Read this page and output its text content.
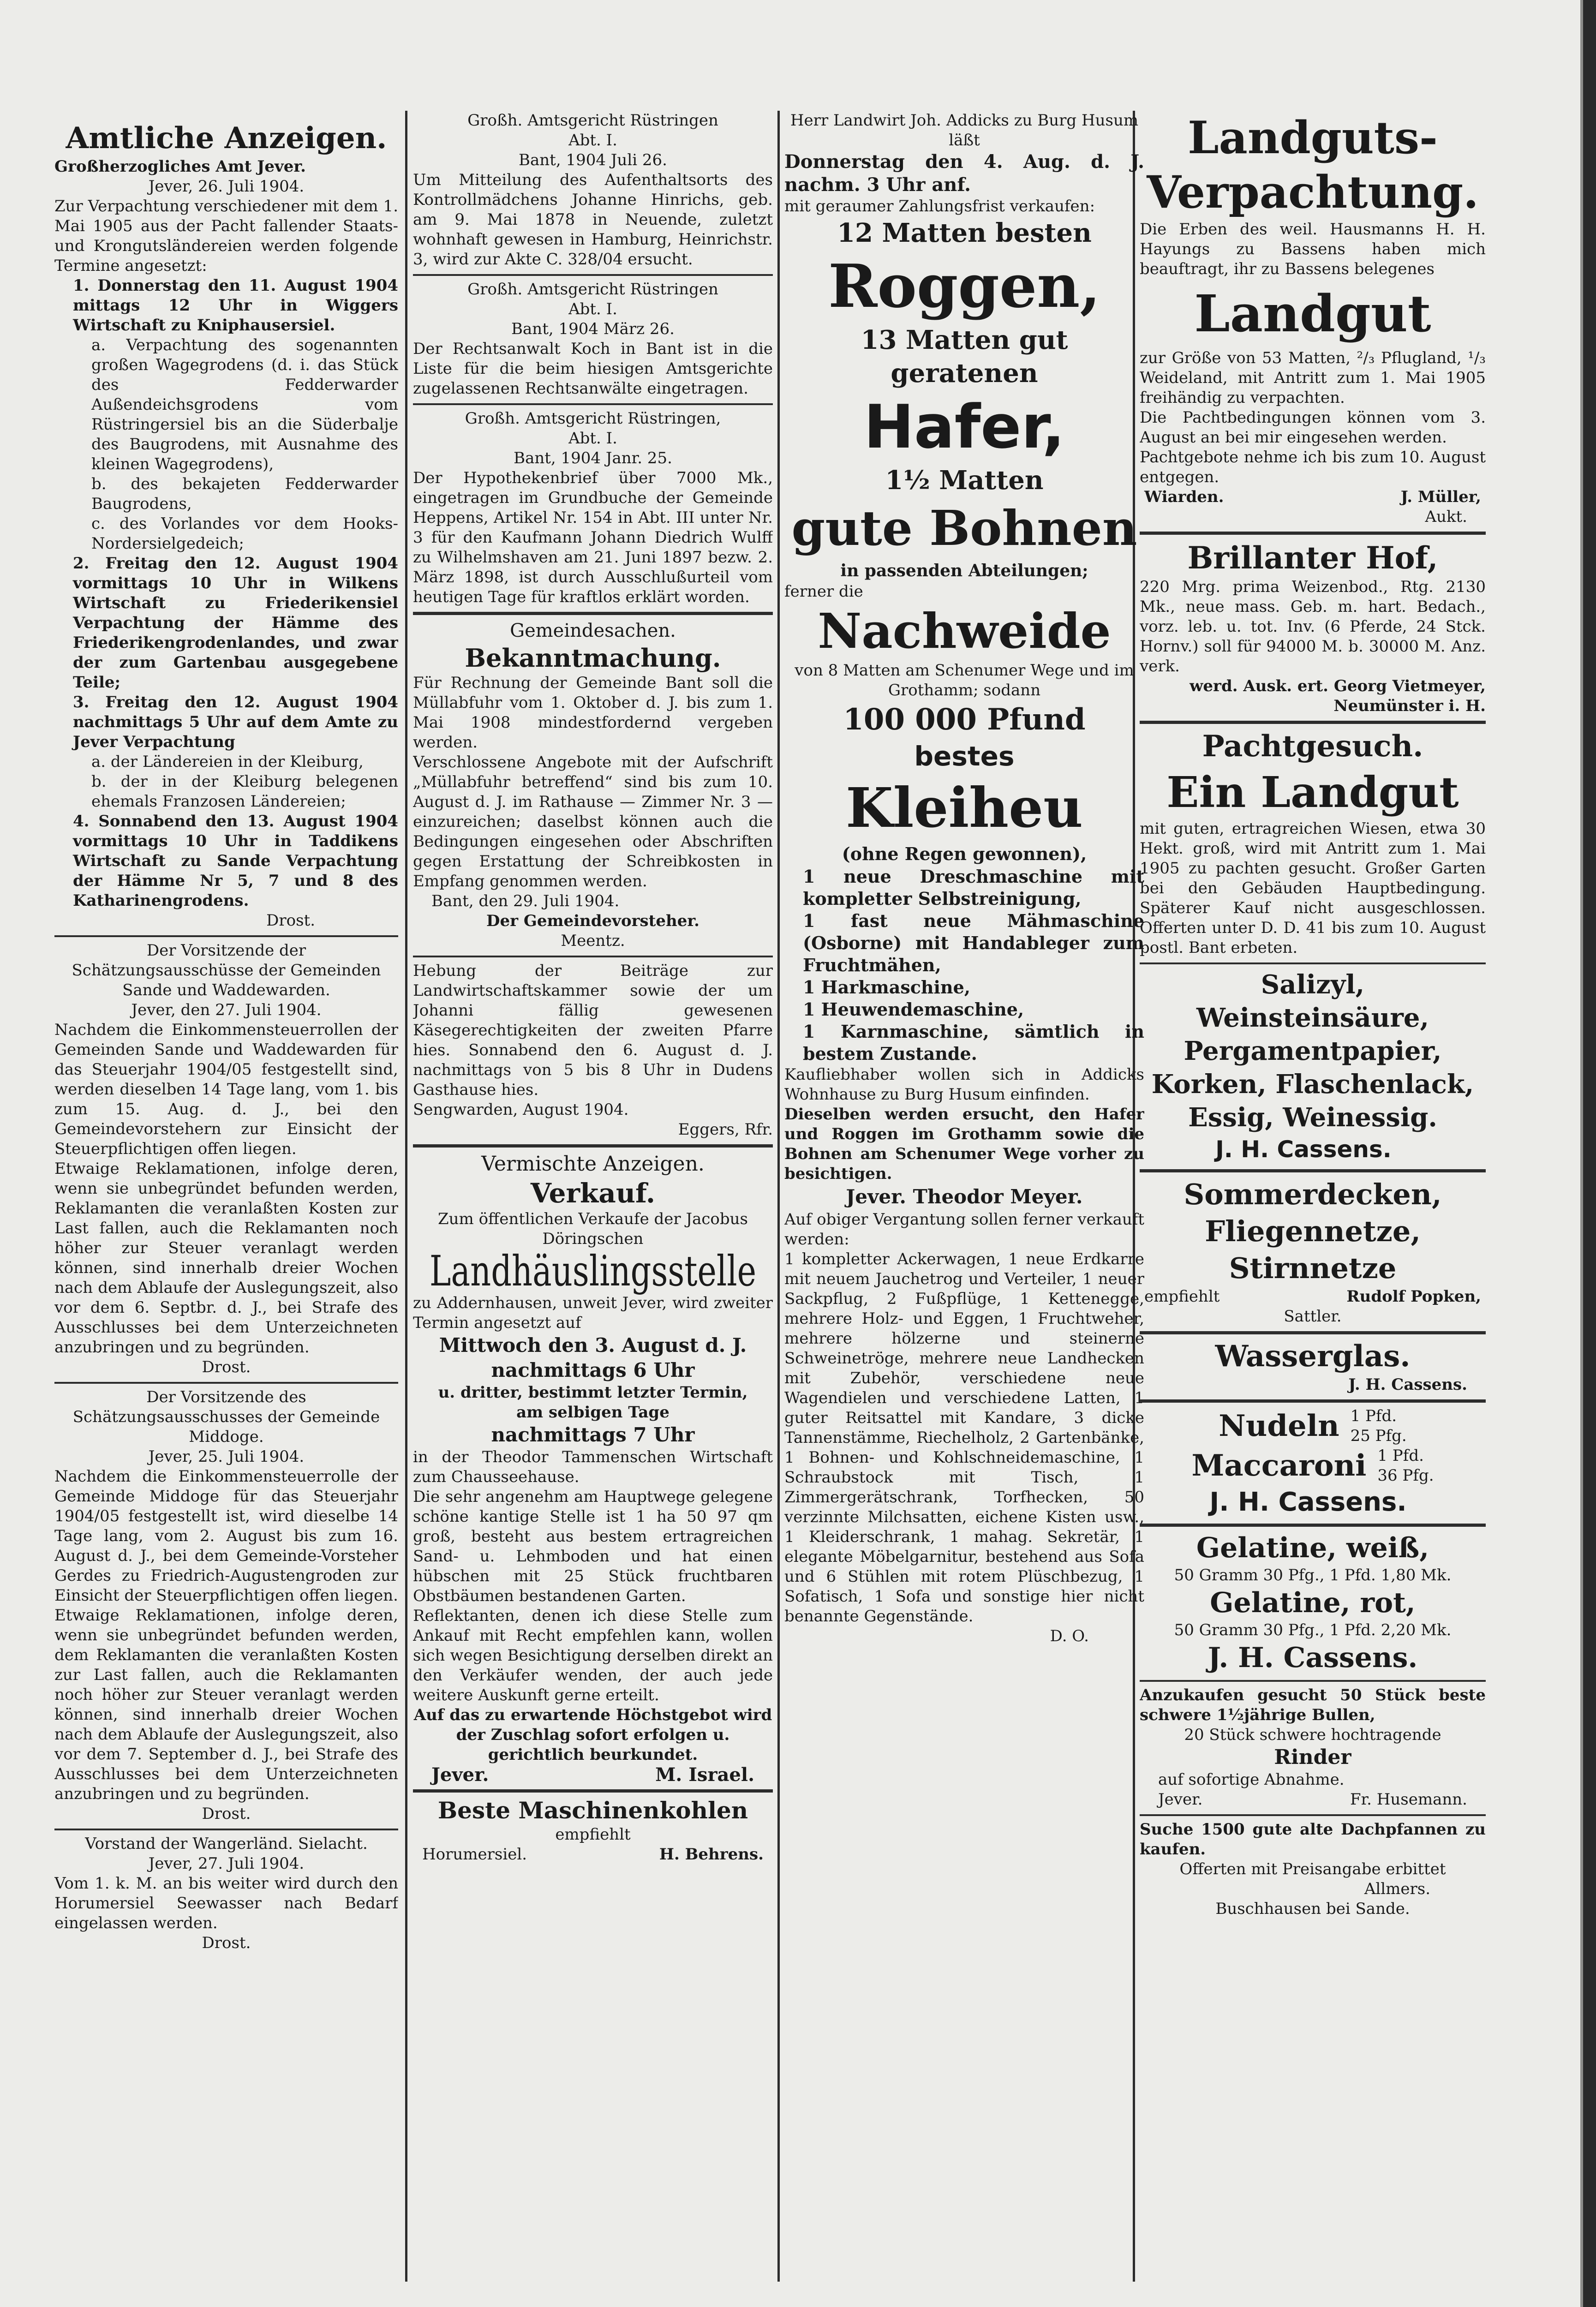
Amtliche Anzeigen.

Großherzogliches Amt Jever.

Jever, 26. Juli 1904.

Zur Verpachtung verschiedener mit dem 1. Mai 1905 aus der Pacht fallender Staats- und Krongutsländereien werden folgende Termine angesetzt:

1. Donnerstag den 11. August 1904 mittags 12 Uhr in Wiggers Wirtschaft zu Kniphausersiel.

a. Verpachtung des sogenannten großen Wagegrodens (d. i. das Stück des Fedderwarder Außendeichsgrodens vom Rüstringersiel bis an die Süderbalje des Baugrodens, mit Ausnahme des kleinen Wagegrodens),

b. des bekajeten Fedderwarder Baugrodens,

c. des Vorlandes vor dem Hooks-Nordersielgedeich;

2. Freitag den 12. August 1904 vormittags 10 Uhr in Wilkens Wirtschaft zu Friederikensiel Verpachtung der Hämme des Friederikengrodenlandes, und zwar der zum Gartenbau ausgegebene Teile;

3. Freitag den 12. August 1904 nachmittags 5 Uhr auf dem Amte zu Jever Verpachtung

a. der Ländereien in der Kleiburg,

b. der in der Kleiburg belegenen ehemals Franzosen Ländereien;

4. Sonnabend den 13. August 1904 vormittags 10 Uhr in Taddikens Wirtschaft zu Sande Verpachtung der Hämme Nr 5, 7 und 8 des Katharinengrodens.

Drost.

Der Vorsitzende der Schätzungsausschüsse der Gemeinden Sande und Waddewarden.

Jever, den 27. Juli 1904.

Nachdem die Einkommensteuerrollen der Gemeinden Sande und Waddewarden für das Steuerjahr 1904/05 festgestellt sind, werden dieselben 14 Tage lang, vom 1. bis zum 15. Aug. d. J., bei den Gemeindevorstehern zur Einsicht der Steuerpflichtigen offen liegen.

Etwaige Reklamationen, infolge deren, wenn sie unbegründet befunden werden, Reklamanten die veranlaßten Kosten zur Last fallen, auch die Reklamanten noch höher zur Steuer veranlagt werden können, sind innerhalb dreier Wochen nach dem Ablaufe der Auslegungszeit, also vor dem 6. Septbr. d. J., bei Strafe des Ausschlusses bei dem Unterzeichneten anzubringen und zu begründen.

Drost.

Der Vorsitzende des Schätzungsausschusses der Gemeinde Middoge.

Jever, 25. Juli 1904.

Nachdem die Einkommensteuerrolle der Gemeinde Middoge für das Steuerjahr 1904/05 festgestellt ist, wird dieselbe 14 Tage lang, vom 2. August bis zum 16. August d. J., bei dem Gemeinde-Vorsteher Gerdes zu Friedrich-Augustengroden zur Einsicht der Steuerpflichtigen offen liegen.

Etwaige Reklamationen, infolge deren, wenn sie unbegründet befunden werden, dem Reklamanten die veranlaßten Kosten zur Last fallen, auch die Reklamanten noch höher zur Steuer veranlagt werden können, sind innerhalb dreier Wochen nach dem Ablaufe der Auslegungszeit, also vor dem 7. September d. J., bei Strafe des Ausschlusses bei dem Unterzeichneten anzubringen und zu begründen.

Drost.

Vorstand der Wangerländ. Sielacht.

Jever, 27. Juli 1904.

Vom 1. k. M. an bis weiter wird durch den Horumersiel Seewasser nach Bedarf eingelassen werden.

Drost.

Großh. Amtsgericht Rüstringen

Abt. I.

Bant, 1904 Juli 26.

Um Mitteilung des Aufenthaltsorts des Kontrollmädchens Johanne Hinrichs, geb. am 9. Mai 1878 in Neuende, zuletzt wohnhaft gewesen in Hamburg, Heinrichstr. 3, wird zur Akte C. 328/04 ersucht.

Großh. Amtsgericht Rüstringen

Abt. I.

Bant, 1904 März 26.

Der Rechtsanwalt Koch in Bant ist in die Liste für die beim hiesigen Amtsgerichte zugelassenen Rechtsanwälte eingetragen.

Großh. Amtsgericht Rüstringen,

Abt. I.

Bant, 1904 Janr. 25.

Der Hypothekenbrief über 7000 Mk., eingetragen im Grundbuche der Gemeinde Heppens, Artikel Nr. 154 in Abt. III unter Nr. 3 für den Kaufmann Johann Diedrich Wulff zu Wilhelmshaven am 21. Juni 1897 bezw. 2. März 1898, ist durch Ausschlußurteil vom heutigen Tage für kraftlos erklärt worden.

Gemeindesachen.

Bekanntmachung.

Für Rechnung der Gemeinde Bant soll die Müllabfuhr vom 1. Oktober d. J. bis zum 1. Mai 1908 mindestfordernd vergeben werden.

Verschlossene Angebote mit der Aufschrift „Müllabfuhr betreffend“ sind bis zum 10. August d. J. im Rathause — Zimmer Nr. 3 — einzureichen; daselbst können auch die Bedingungen eingesehen oder Abschriften gegen Erstattung der Schreibkosten in Empfang genommen werden.

Bant, den 29. Juli 1904.

Der Gemeindevorsteher.

Meentz.

Hebung der Beiträge zur Landwirtschaftskammer sowie der um Johanni fällig gewesenen Käsegerechtigkeiten der zweiten Pfarre hies. Sonnabend den 6. August d. J. nachmittags von 5 bis 8 Uhr in Dudens Gasthause hies.

Sengwarden, August 1904.

Eggers, Rfr.

Vermischte Anzeigen.

Verkauf.

Zum öffentlichen Verkaufe der Jacobus Döringschen

Landhäuslingsstelle

zu Addernhausen, unweit Jever, wird zweiter Termin angesetzt auf

Mittwoch den 3. August d. J.

nachmittags 6 Uhr

u. dritter, bestimmt letzter Termin,

am selbigen Tage

nachmittags 7 Uhr

in der Theodor Tammenschen Wirtschaft zum Chausseehause.

Die sehr angenehm am Hauptwege gelegene schöne kantige Stelle ist 1 ha 50 97 qm groß, besteht aus bestem ertragreichen Sand- u. Lehmboden und hat einen hübschen mit 25 Stück fruchtbaren Obstbäumen bestandenen Garten.

Reflektanten, denen ich diese Stelle zum Ankauf mit Recht empfehlen kann, wollen sich wegen Besichtigung derselben direkt an den Verkäufer wenden, der auch jede weitere Auskunft gerne erteilt.

Auf das zu erwartende Höchstgebot wird der Zuschlag sofort erfolgen u. gerichtlich beurkundet.

Jever.	M. Israel.

Beste Maschinenkohlen

empfiehlt

Horumersiel.	H. Behrens.

Herr Landwirt Joh. Addicks zu Burg Husum läßt

Donnerstag den 4. Aug. d. J. nachm. 3 Uhr anf.

mit geraumer Zahlungsfrist verkaufen:

12 Matten besten

Roggen,

13 Matten gut geratenen

Hafer,

1½ Matten

gute Bohnen

in passenden Abteilungen;

ferner die

Nachweide

von 8 Matten am Schenumer Wege und im Grothamm; sodann

100 000 Pfund

bestes

Kleiheu

(ohne Regen gewonnen),

1 neue Dreschmaschine mit kompletter Selbstreinigung,

1 fast neue Mähmaschine (Osborne) mit Handableger zum Fruchtmähen,

1 Harkmaschine,

1 Heuwendemaschine,

1 Karnmaschine, sämtlich in bestem Zustande.

Kaufliebhaber wollen sich in Addicks Wohnhause zu Burg Husum einfinden.

Dieselben werden ersucht, den Hafer und Roggen im Grothamm sowie die Bohnen am Schenumer Wege vorher zu besichtigen.

Jever. Theodor Meyer.

Auf obiger Vergantung sollen ferner verkauft werden:

1 kompletter Ackerwagen, 1 neue Erdkarre mit neuem Jauchetrog und Verteiler, 1 neuer Sackpflug, 2 Fußpflüge, 1 Kettenegge, mehrere Holz- und Eggen, 1 Fruchtweher, mehrere hölzerne und steinerne Schweinetröge, mehrere neue Landhecken mit Zubehör, verschiedene neue Wagendielen und verschiedene Latten, 1 guter Reitsattel mit Kandare, 3 dicke Tannenstämme, Riechelholz, 2 Gartenbänke, 1 Bohnen- und Kohlschneidemaschine, 1 Schraubstock mit Tisch, 1 Zimmergerätschrank, Torfhecken, 50 verzinnte Milchsatten, eichene Kisten usw., 1 Kleiderschrank, 1 mahag. Sekretär, 1 elegante Möbelgarnitur, bestehend aus Sofa und 6 Stühlen mit rotem Plüschbezug, 1 Sofatisch, 1 Sofa und sonstige hier nicht benannte Gegenstände.

D. O.

Landguts-

Verpachtung.

Die Erben des weil. Hausmanns H. H. Hayungs zu Bassens haben mich beauftragt, ihr zu Bassens belegenes

Landgut

zur Größe von 53 Matten, ²/₃ Pflugland, ¹/₃ Weideland, mit Antritt zum 1. Mai 1905 freihändig zu verpachten.

Die Pachtbedingungen können vom 3. August an bei mir eingesehen werden.

Pachtgebote nehme ich bis zum 10. August entgegen.

Wiarden.	J. Müller,

Aukt.

Brillanter Hof,

220 Mrg. prima Weizenbod., Rtg. 2130 Mk., neue mass. Geb. m. hart. Bedach., vorz. leb. u. tot. Inv. (6 Pferde, 24 Stck. Hornv.) soll für 94000 M. b. 30000 M. Anz. verk.

werd. Ausk. ert. Georg Vietmeyer, Neumünster i. H.

Pachtgesuch.

Ein Landgut

mit guten, ertragreichen Wiesen, etwa 30 Hekt. groß, wird mit Antritt zum 1. Mai 1905 zu pachten gesucht. Großer Garten bei den Gebäuden Hauptbedingung. Späterer Kauf nicht ausgeschlossen. Offerten unter D. D. 41 bis zum 10. August postl. Bant erbeten.

Salizyl,

Weinsteinsäure,

Pergamentpapier,

Korken, Flaschenlack,

Essig, Weinessig.

J. H. Cassens.

Sommerdecken,

Fliegennetze,

Stirnnetze

empfiehlt	Rudolf Popken,

Sattler.

Wasserglas.

J. H. Cassens.

Nudeln 1 Pfd.

25 Pfg.

Maccaroni 1 Pfd.

36 Pfg.

J. H. Cassens.

Gelatine, weiß,

50 Gramm 30 Pfg., 1 Pfd. 1,80 Mk.

Gelatine, rot,

50 Gramm 30 Pfg., 1 Pfd. 2,20 Mk.

J. H. Cassens.

Anzukaufen gesucht 50 Stück beste schwere 1½jährige Bullen,

20 Stück schwere hochtragende

Rinder

auf sofortige Abnahme.

Jever.	Fr. Husemann.

Suche 1500 gute alte Dachpfannen zu kaufen.

Offerten mit Preisangabe erbittet

Allmers.

Buschhausen bei Sande.
